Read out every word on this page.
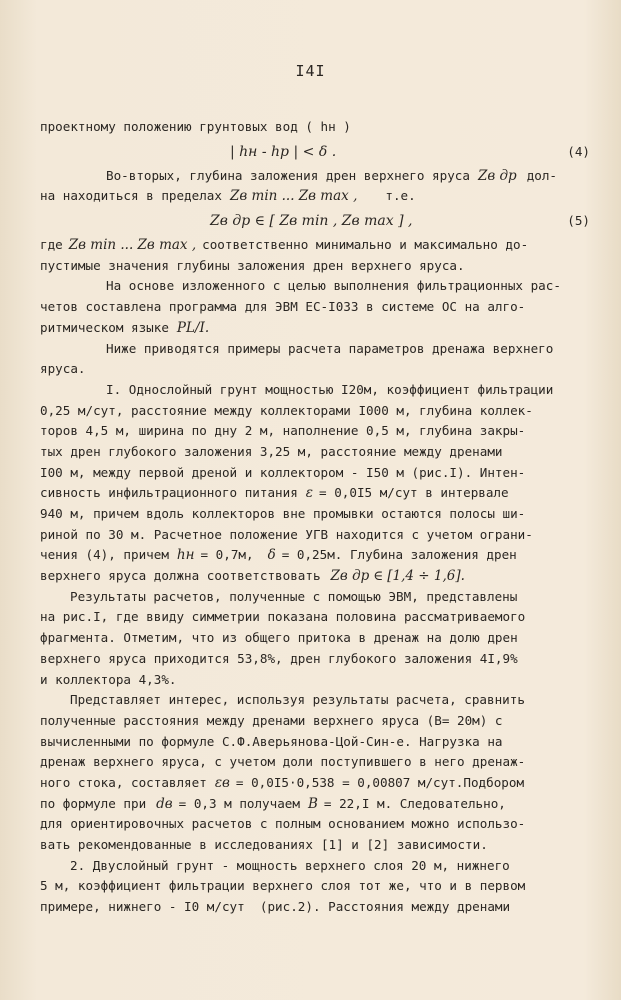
I4I
проектному положению грунтовых вод ( hн )
| hн - hр | < δ .	(4)
Во-вторых, глубина заложения дрен верхнего яруса Zв др дол-
на находиться в пределах Zв min ... Zв max , т.е.
Zв др ∈ [ Zв min , Zв max ] ,	(5)
где Zв min ... Zв max , соответственно минимально и максимально до-
пустимые значения глубины заложения дрен верхнего яруса.
На основе изложенного с целью выполнения фильтрационных рас-
четов составлена программа для ЭВМ ЕС-I033 в системе ОС на алго-
ритмическом языке PL/I.
Ниже приводятся примеры расчета параметров дренажа верхнего
яруса.
I. Однослойный грунт мощностью I20м, коэффициент фильтрации
0,25 м/сут, расстояние между коллекторами I000 м, глубина коллек-
торов 4,5 м, ширина по дну 2 м, наполнение 0,5 м, глубина закры-
тых дрен глубокого заложения 3,25 м, расстояние между дренами
I00 м, между первой дреной и коллектором - I50 м (рис.I). Интен-
сивность инфильтрационного питания ε = 0,0I5 м/сут в интервале
940 м, причем вдоль коллекторов вне промывки остаются полосы ши-
риной по 30 м. Расчетное положение УГВ находится с учетом ограни-
чения (4), причем hн = 0,7м, δ = 0,25м. Глубина заложения дрен
верхнего яруса должна соответствовать Zв др ∈ [1,4 ÷ 1,6].
Результаты расчетов, полученные с помощью ЭВМ, представлены
на рис.I, где ввиду симметрии показана половина рассматриваемого
фрагмента. Отметим, что из общего притока в дренаж на долю дрен
верхнего яруса приходится 53,8%, дрен глубокого заложения 4I,9%
и коллектора 4,3%.
Представляет интерес, используя результаты расчета, сравнить
полученные расстояния между дренами верхнего яруса (B= 20м) с
вычисленными по формуле С.Ф.Аверьянова-Цой-Син-е. Нагрузка на
дренаж верхнего яруса, с учетом доли поступившего в него дренаж-
ного стока, составляет εв = 0,0I5·0,538 = 0,00807 м/сут.Подбором
по формуле при dв = 0,3 м получаем B = 22,I м. Следовательно,
для ориентировочных расчетов с полным основанием можно использо-
вать рекомендованные в исследованиях [1] и [2] зависимости.
2. Двуслойный грунт - мощность верхнего слоя 20 м, нижнего
5 м, коэффициент фильтрации верхнего слоя тот же, что и в первом
примере, нижнего - I0 м/сут  (рис.2). Расстояния между дренами
